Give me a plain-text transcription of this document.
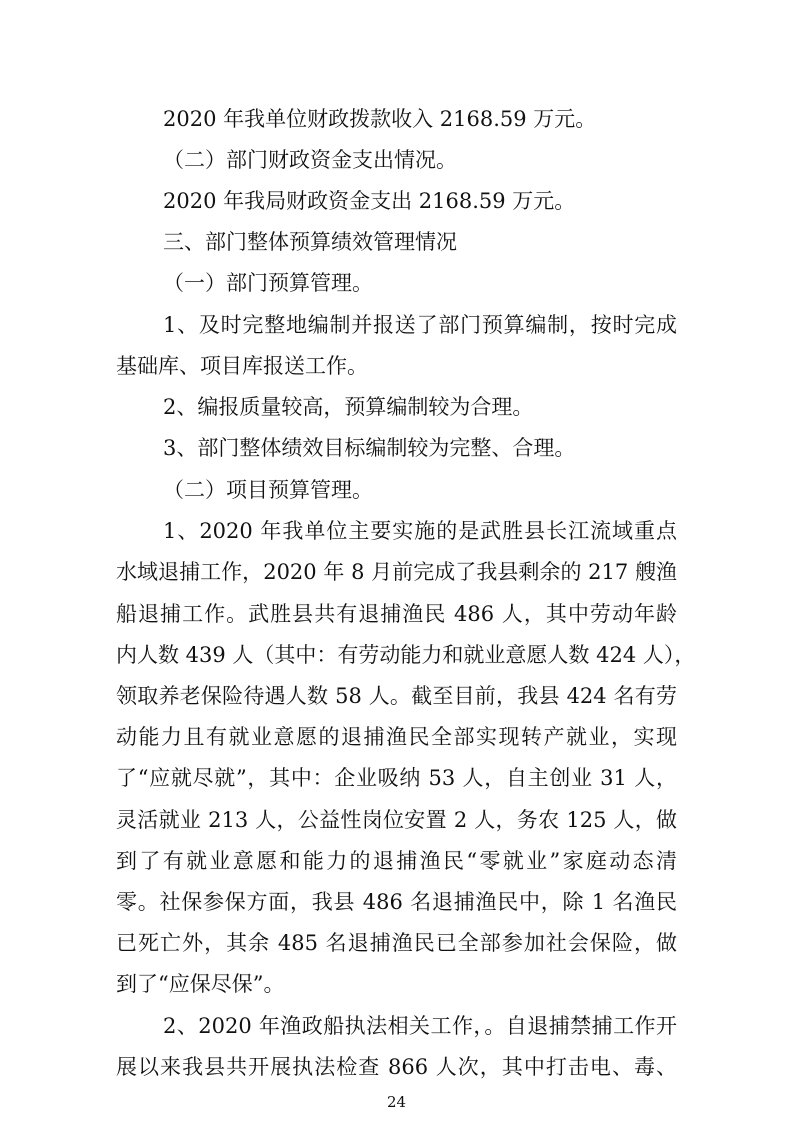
2020 年我单位财政拨款收入 2168.59 万元。
（二）部门财政资金支出情况。
2020 年我局财政资金支出 2168.59 万元。
三、部门整体预算绩效管理情况
（一）部门预算管理。
1、及时完整地编制并报送了部门预算编制，按时完成
基础库、项目库报送工作。
2、编报质量较高，预算编制较为合理。
3、部门整体绩效目标编制较为完整、合理。
（二）项目预算管理。
1、2020 年我单位主要实施的是武胜县长江流域重点
水域退捕工作，2020 年 8 月前完成了我县剩余的 217 艘渔
船退捕工作。武胜县共有退捕渔民 486 人，其中劳动年龄
内人数 439 人（其中：有劳动能力和就业意愿人数 424 人），
领取养老保险待遇人数 58 人。截至目前，我县 424 名有劳
动能力且有就业意愿的退捕渔民全部实现转产就业，实现
了“应就尽就”，其中：企业吸纳 53 人，自主创业 31 人，
灵活就业 213 人，公益性岗位安置 2 人，务农 125 人，做
到了有就业意愿和能力的退捕渔民“零就业”家庭动态清
零。社保参保方面，我县 486 名退捕渔民中，除 1 名渔民
已死亡外，其余 485 名退捕渔民已全部参加社会保险，做
到了“应保尽保”。
2、2020 年渔政船执法相关工作，。自退捕禁捕工作开
展以来我县共开展执法检查 866 人次，其中打击电、毒、
24
